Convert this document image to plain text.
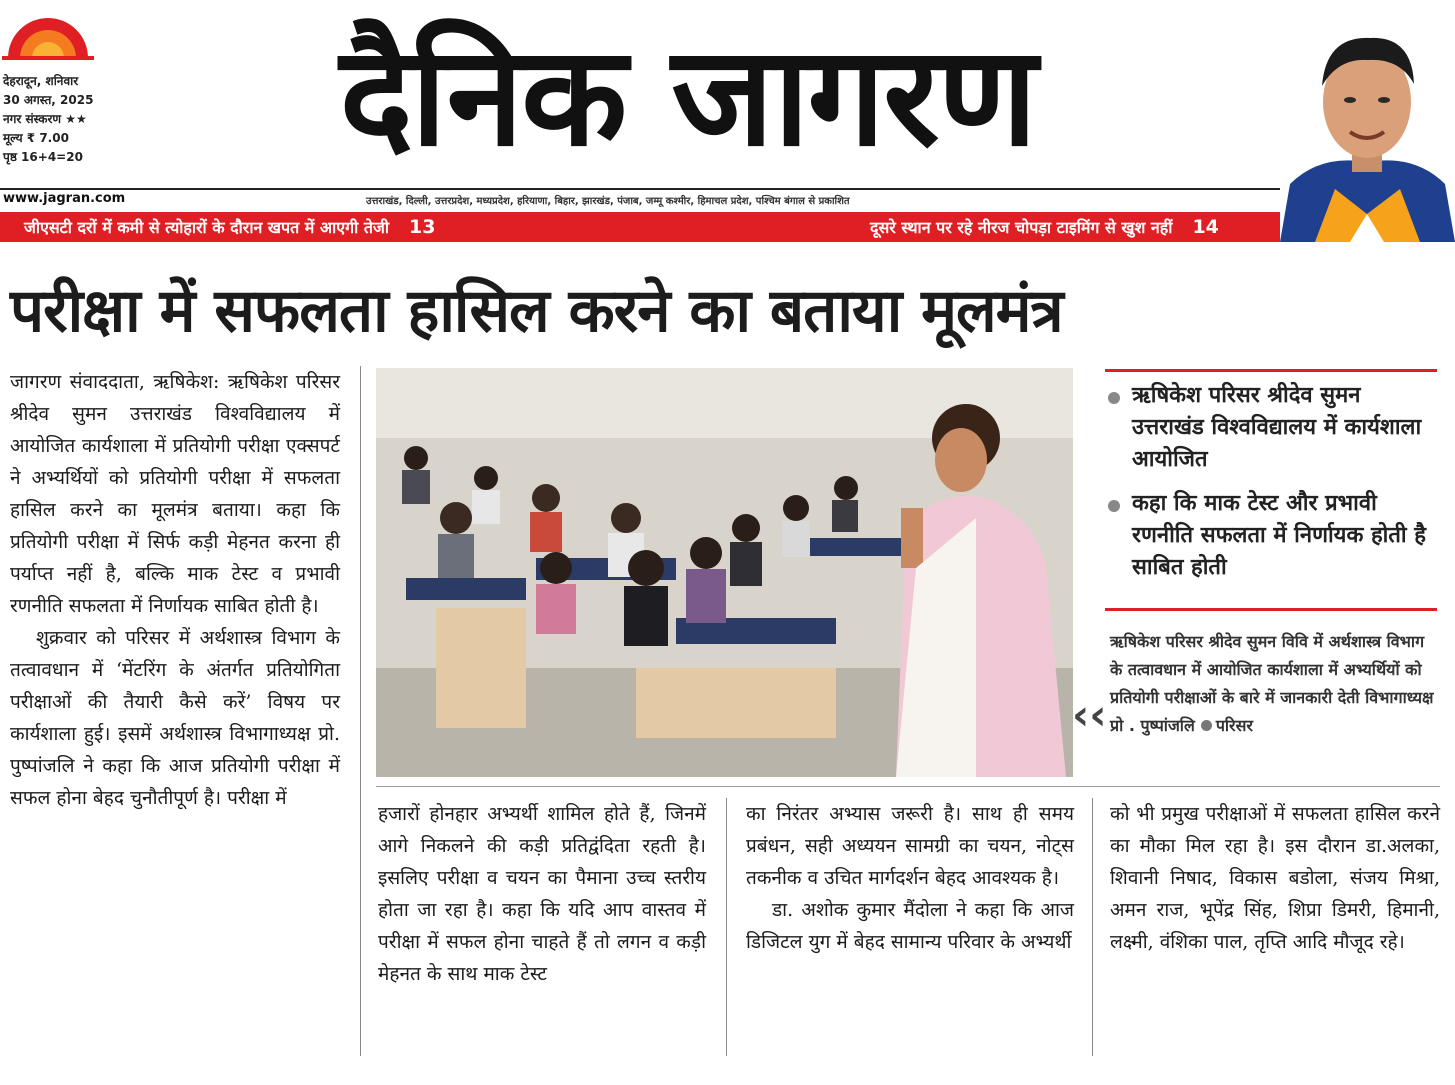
देहरादून, शनिवार
30 अगस्त, 2025
नगर संस्करण ★★
मूल्य ₹ 7.00
पृष्ठ 16+4=20
www.jagran.com
दैनिक जागरण
उत्तराखंड, दिल्ली, उत्तरप्रदेश, मध्यप्रदेश, हरियाणा, बिहार, झारखंड, पंजाब, जम्मू कश्मीर, हिमाचल प्रदेश, पश्चिम बंगाल से प्रकाशित
जीएसटी दरों में कमी से त्योहारों के दौरान खपत में आएगी तेजी 13	दूसरे स्थान पर रहे नीरज चोपड़ा टाइमिंग से खुश नहीं 14
परीक्षा में सफलता हासिल करने का बताया मूलमंत्र

जागरण संवाददाता, ऋषिकेश: ऋषिकेश परिसर श्रीदेव सुमन उत्तराखंड विश्वविद्यालय में आयोजित कार्यशाला में प्रतियोगी परीक्षा एक्सपर्ट ने अभ्यर्थियों को प्रतियोगी परीक्षा में सफलता हासिल करने का मूलमंत्र बताया। कहा कि प्रतियोगी परीक्षा में सिर्फ कड़ी मेहनत करना ही पर्याप्त नहीं है, बल्कि माक टेस्ट व प्रभावी रणनीति सफलता में निर्णायक साबित होती है।

शुक्रवार को परिसर में अर्थशास्त्र विभाग के तत्वावधान में ‘मेंटरिंग के अंतर्गत प्रतियोगिता परीक्षाओं की तैयारी कैसे करें’ विषय पर कार्यशाला हुई। इसमें अर्थशास्त्र विभागाध्यक्ष प्रो. पुष्पांजलि ने कहा कि आज प्रतियोगी परीक्षा में सफल होना बेहद चुनौतीपूर्ण है। परीक्षा में

ऋषिकेश परिसर श्रीदेव सुमन उत्तराखंड विश्वविद्यालय में कार्यशाला आयोजित
कहा कि माक टेस्ट और प्रभावी रणनीति सफलता में निर्णायक होती है साबित होती
‹‹
ऋषिकेश परिसर श्रीदेव सुमन विवि में अर्थशास्त्र विभाग के तत्वावधान में आयोजित कार्यशाला में अभ्यर्थियों को प्रतियोगी परीक्षाओं के बारे में जानकारी देती विभागाध्यक्ष प्रो . पुष्पांजलि परिसर

हजारों होनहार अभ्यर्थी शामिल होते हैं, जिनमें आगे निकलने की कड़ी प्रतिद्वंदिता रहती है। इसलिए परीक्षा व चयन का पैमाना उच्च स्तरीय होता जा रहा है। कहा कि यदि आप वास्तव में परीक्षा में सफल होना चाहते हैं तो लगन व कड़ी मेहनत के साथ माक टेस्ट

का निरंतर अभ्यास जरूरी है। साथ ही समय प्रबंधन, सही अध्ययन सामग्री का चयन, नोट्स तकनीक व उचित मार्गदर्शन बेहद आवश्यक है।

डा. अशोक कुमार मैंदोला ने कहा कि आज डिजिटल युग में बेहद सामान्य परिवार के अभ्यर्थी

को भी प्रमुख परीक्षाओं में सफलता हासिल करने का मौका मिल रहा है। इस दौरान डा.अलका, शिवानी निषाद, विकास बडोला, संजय मिश्रा, अमन राज, भूपेंद्र सिंह, शिप्रा डिमरी, हिमानी, लक्ष्मी, वंशिका पाल, तृप्ति आदि मौजूद रहे।
